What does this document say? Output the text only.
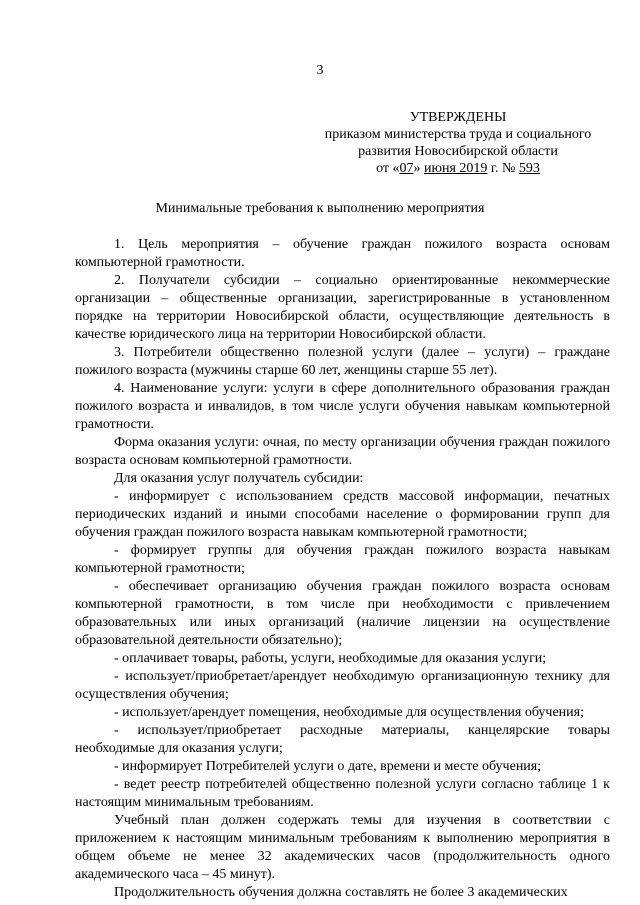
3
УТВЕРЖДЕНЫ
приказом министерства труда и социального
развития Новосибирской области
от «07» июня 2019 г. № 593
Минимальные требования к выполнению мероприятия

1. Цель мероприятия – обучение граждан пожилого возраста основам компьютерной грамотности.

2. Получатели субсидии – социально ориентированные некоммерческие организации – общественные организации, зарегистрированные в установленном порядке на территории Новосибирской области, осуществляющие деятельность в качестве юридического лица на территории Новосибирской области.

3. Потребители общественно полезной услуги (далее – услуги) – граждане пожилого возраста (мужчины старше 60 лет, женщины старше 55 лет).

4. Наименование услуги: услуги в сфере дополнительного образования граждан пожилого возраста и инвалидов, в том числе услуги обучения навыкам компьютерной грамотности.

Форма оказания услуги: очная, по месту организации обучения граждан пожилого возраста основам компьютерной грамотности.

Для оказания услуг получатель субсидии:

- информирует с использованием средств массовой информации, печатных периодических изданий и иными способами население о формировании групп для обучения граждан пожилого возраста навыкам компьютерной грамотности;

- формирует группы для обучения граждан пожилого возраста навыкам компьютерной грамотности;

- обеспечивает организацию обучения граждан пожилого возраста основам компьютерной грамотности, в том числе при необходимости с привлечением образовательных или иных организаций (наличие лицензии на осуществление образовательной деятельности обязательно);

- оплачивает товары, работы, услуги, необходимые для оказания услуги;

- использует/приобретает/арендует необходимую организационную технику для осуществления обучения;

- использует/арендует помещения, необходимые для осуществления обучения;

- использует/приобретает расходные материалы, канцелярские товары необходимые для оказания услуги;

- информирует Потребителей услуги о дате, времени и месте обучения;

- ведет реестр потребителей общественно полезной услуги согласно таблице 1 к настоящим минимальным требованиям.

Учебный план должен содержать темы для изучения в соответствии с приложением к настоящим минимальным требованиям к выполнению мероприятия в общем объеме не менее 32 академических часов (продолжительность одного академического часа – 45 минут).

Продолжительность обучения должна составлять не более 3 академических
